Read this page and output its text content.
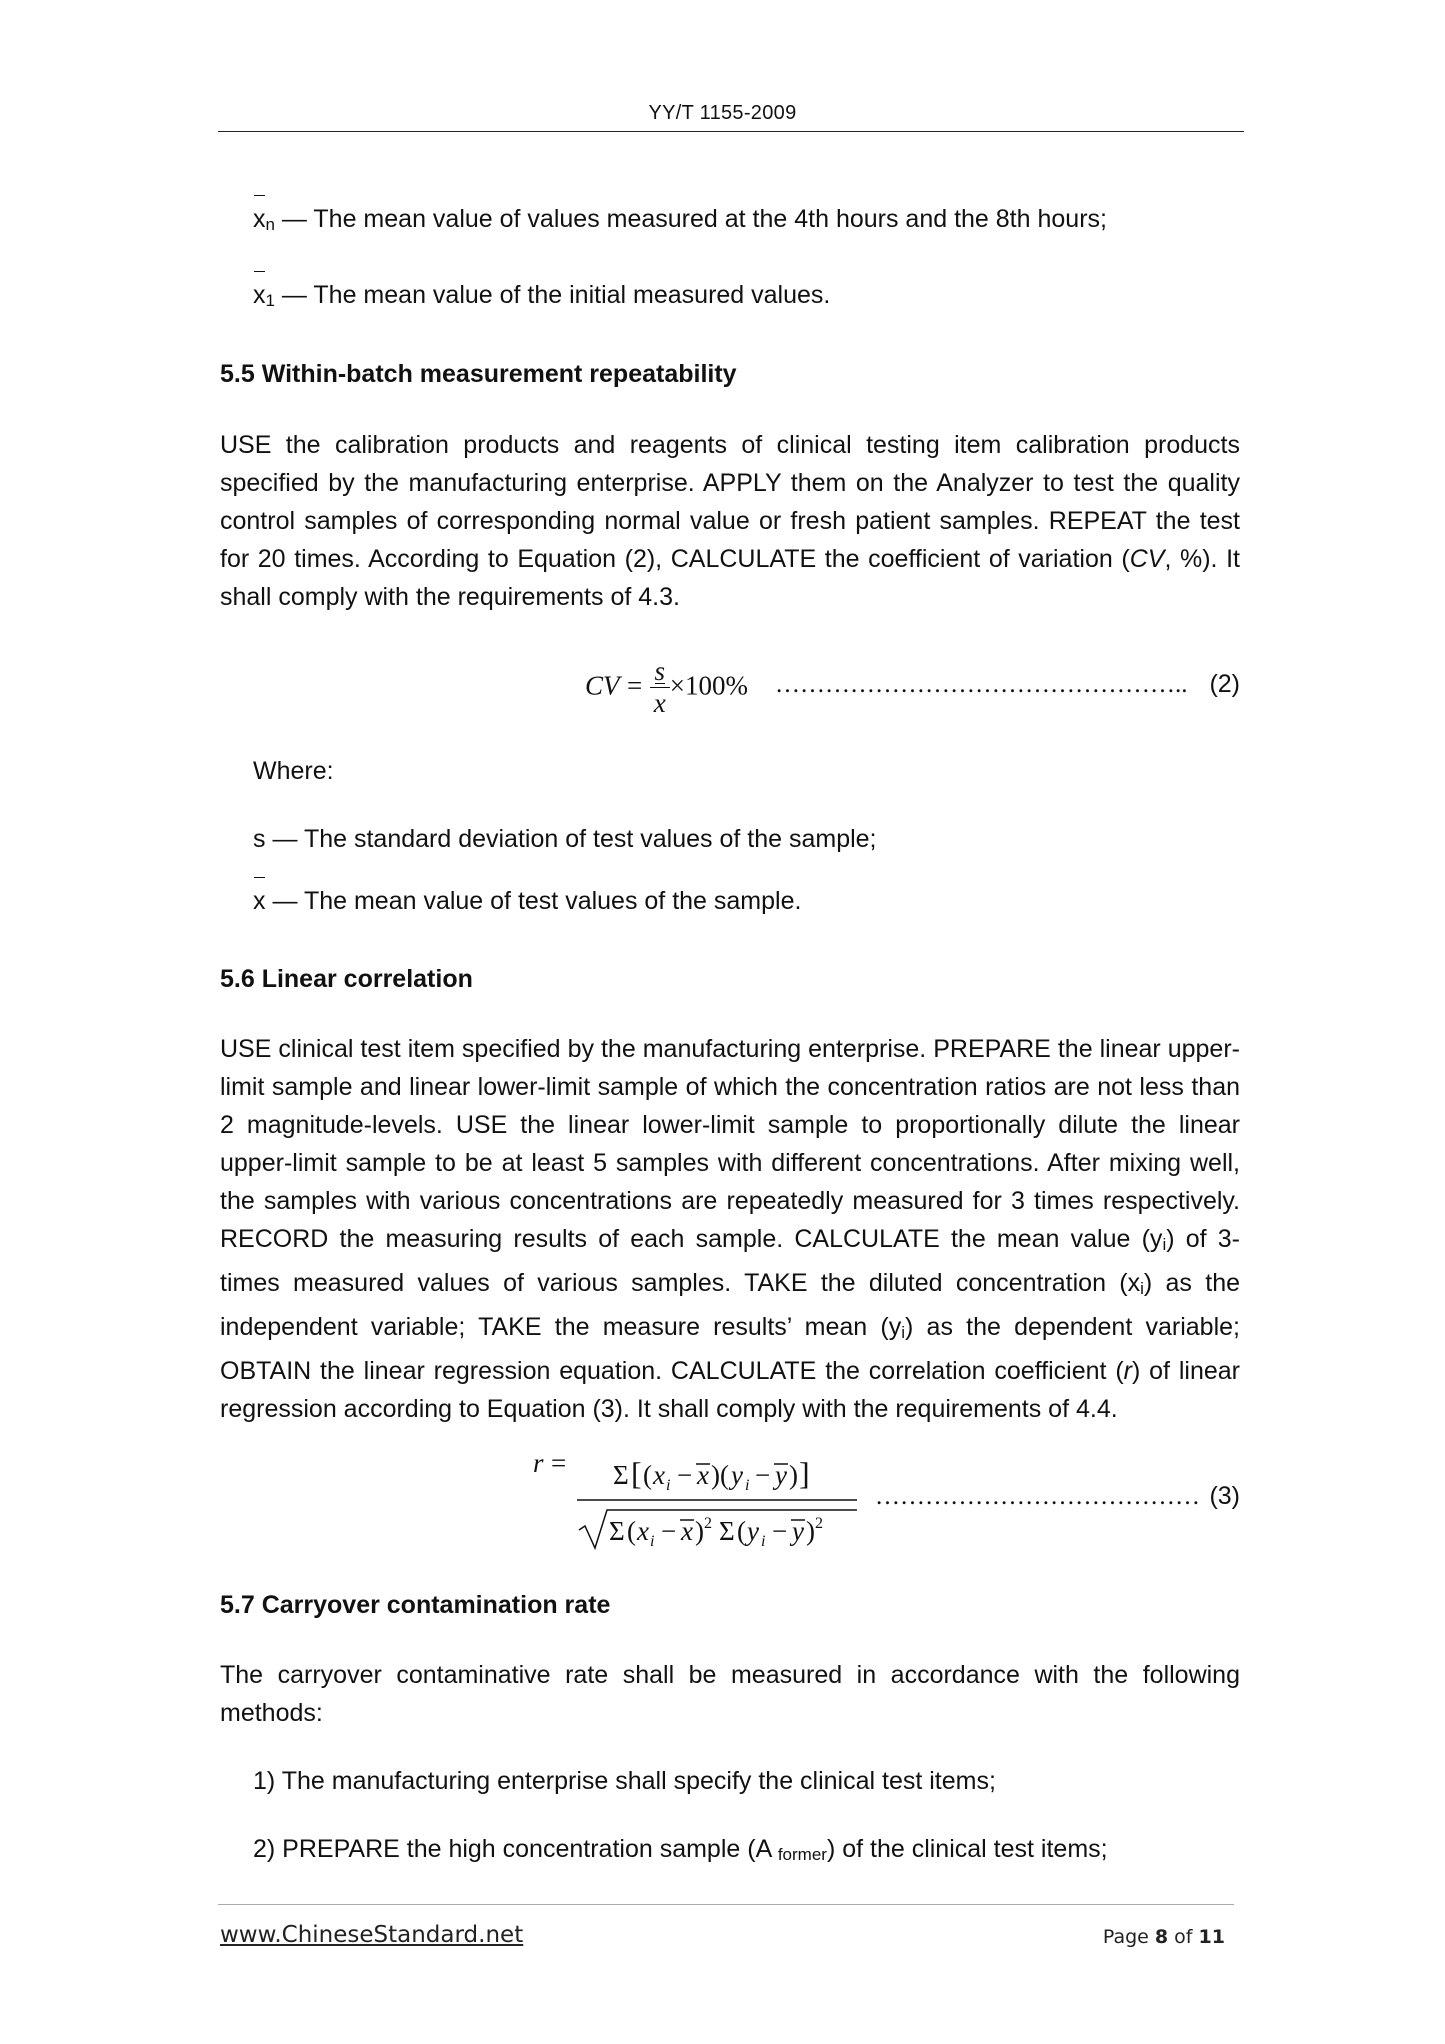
YY/T 1155-2009
xn — The mean value of values measured at the 4th hours and the 8th hours;
x1 — The mean value of the initial measured values.
5.5 Within-batch measurement repeatability
USE the calibration products and reagents of clinical testing item calibration products specified by the manufacturing enterprise. APPLY them on the Analyzer to test the quality control samples of corresponding normal value or fresh patient samples. REPEAT the test for 20 times. According to Equation (2), CALCULATE the coefficient of variation (CV, %). It shall comply with the requirements of 4.3.
CV = $\frac{s}{x} \times 100\%$ ………………………………………….. (2)
Where:
s — The standard deviation of test values of the sample;
x — The mean value of test values of the sample.
5.6 Linear correlation
USE clinical test item specified by the manufacturing enterprise. PREPARE the linear upper-limit sample and linear lower-limit sample of which the concentration ratios are not less than 2 magnitude-levels. USE the linear lower-limit sample to proportionally dilute the linear upper-limit sample to be at least 5 samples with different concentrations. After mixing well, the samples with various concentrations are repeatedly measured for 3 times respectively. RECORD the measuring results of each sample. CALCULATE the mean value (yi) of 3-times measured values of various samples. TAKE the diluted concentration (xi) as the independent variable; TAKE the measure results’ mean (yi) as the dependent variable; OBTAIN the linear regression equation. CALCULATE the correlation coefficient (r) of linear regression according to Equation (3). It shall comply with the requirements of 4.4.
r = Σ [ ( x i − x )( y i − y ) ]
Σ ( x i − x ) 2 Σ ( y i − y ) 2
………………………………… (3)
5.7 Carryover contamination rate
The carryover contaminative rate shall be measured in accordance with the following methods:
1) The manufacturing enterprise shall specify the clinical test items;
2) PREPARE the high concentration sample (A former) of the clinical test items;
www.ChineseStandard.net	Page 8 of 11
